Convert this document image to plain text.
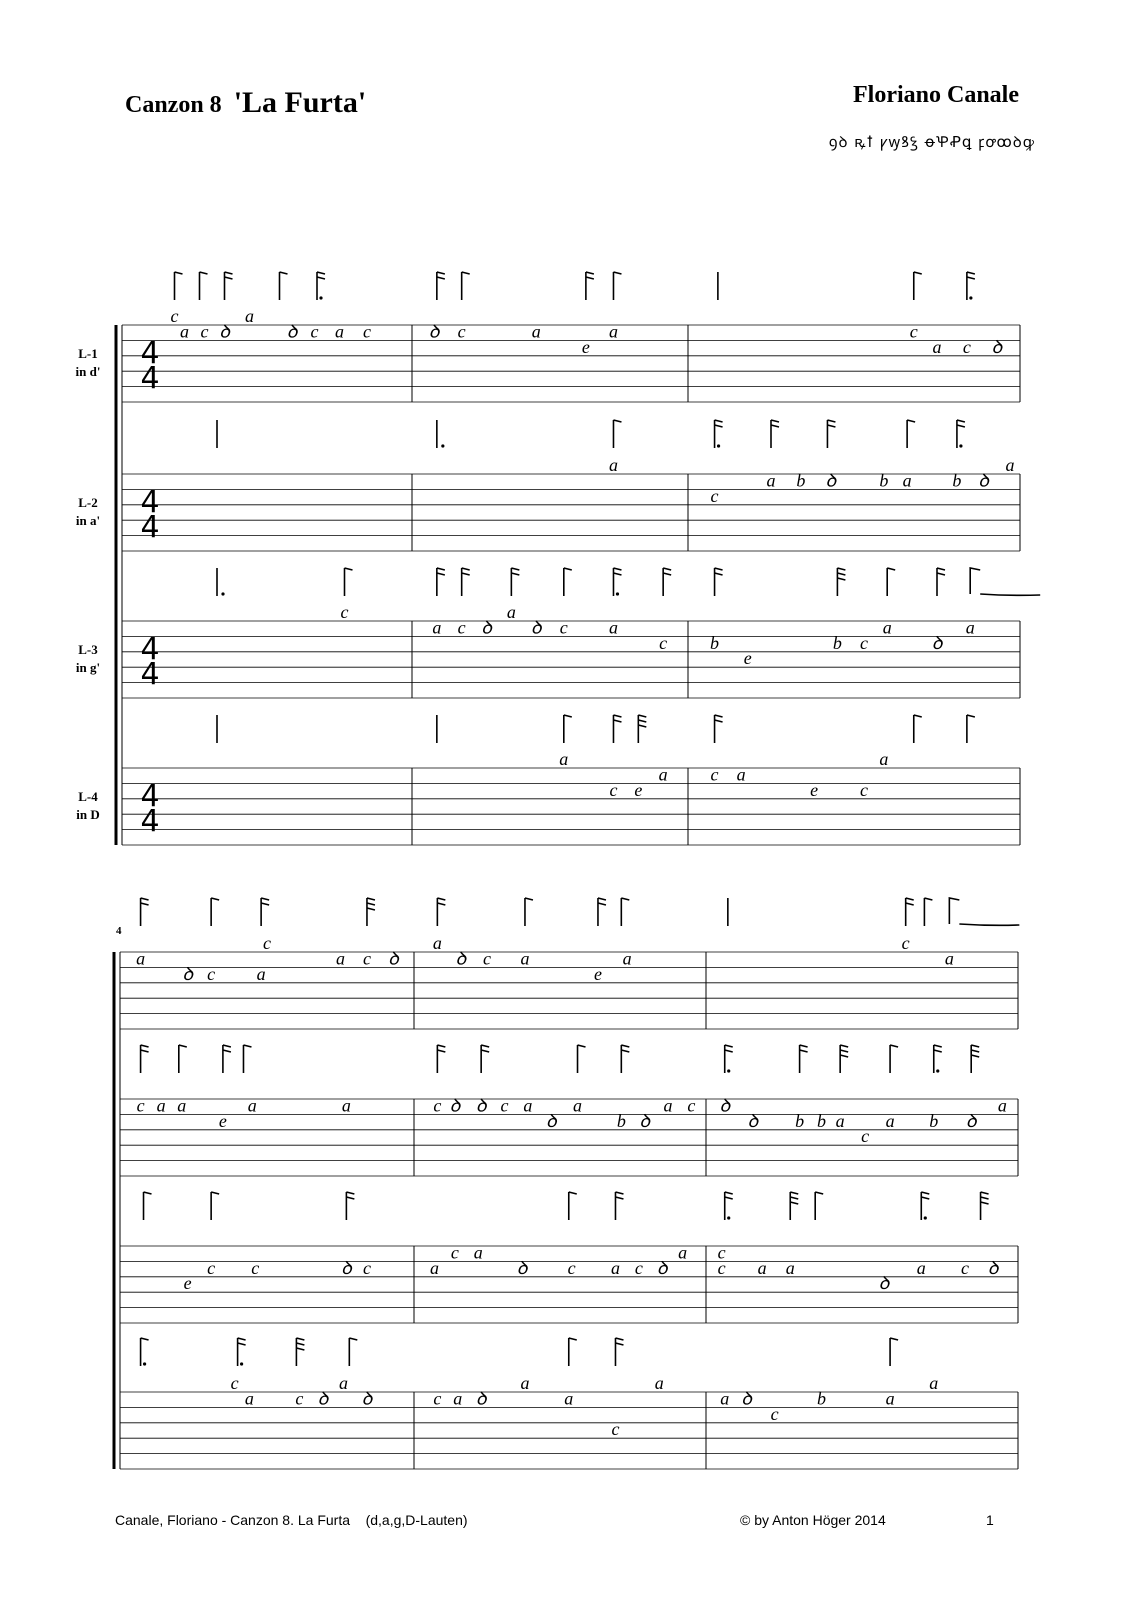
Canzon 8 'La Furta'	Floriano Canale
ꝯꝺ ꝶꝉ ꝩꝡꝸꝣ ꝋꝔꝒꝗ ꝼꝍꝏꝺꝙ
L-1
in d'
4
4
c
a c ꝺ
a
ꝺ c a c	ꝺ c	a
e
a	c
a c ꝺ
L-2
in a'
4
4
a
c
a b ꝺ b a b ꝺ
a
L-3
in g'
4
4
c
a c ꝺ
a
ꝺ c a
c b
e
b c
a
ꝺ
a
L-4
in D
4
4
a
c e
a c a
e
a
c
4
a
ꝺ c
c
a
a c ꝺ
a
ꝺ c a
e
a
c
a
c a a
e
a	a	c ꝺ ꝺ c a
ꝺ
a
b ꝺ
a c ꝺ
ꝺ b b a
c
a b ꝺ
a
e
c c	ꝺ c	a
c a
ꝺ c a c ꝺ
a c
c a a
ꝺ
a c ꝺ
c
a c ꝺ
a
ꝺ	c a ꝺ
a
a
c
a
a ꝺ
c
b	a
a
Canale, Floriano - Canzon 8. La Furta    (d,a,g,D-Lauten)	© by Anton Höger 2014	1
